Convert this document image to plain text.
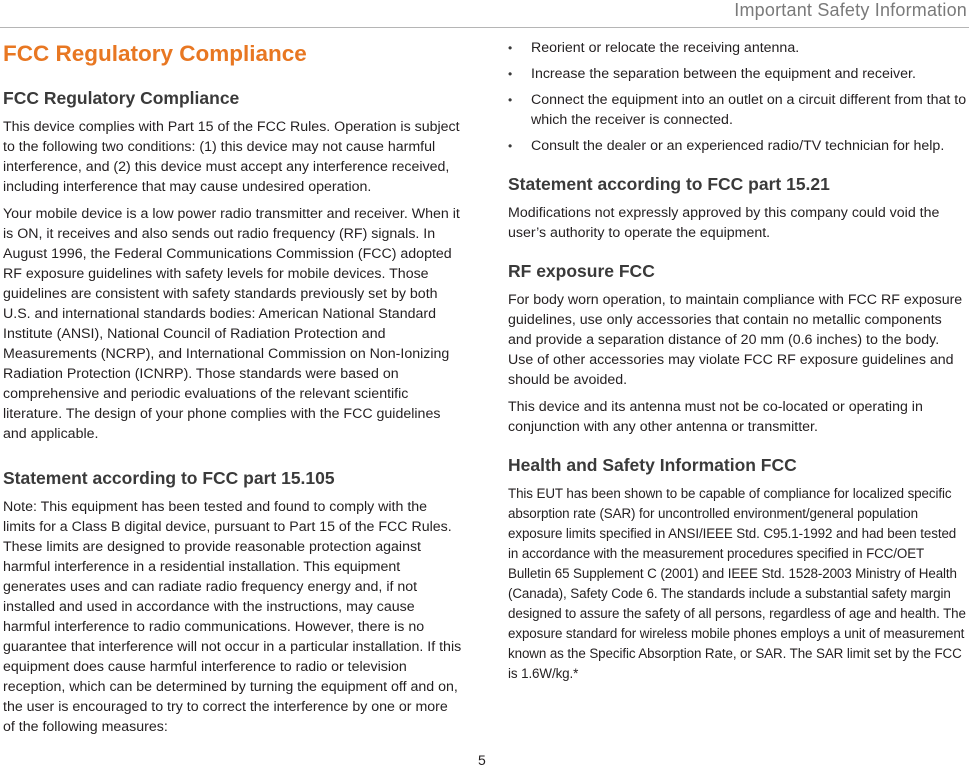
Important Safety Information
FCC Regulatory Compliance
FCC Regulatory Compliance

This device complies with Part 15 of the FCC Rules. Operation is subject to the following two conditions: (1) this device may not cause harmful interference, and (2) this device must accept any interference received, including interference that may cause undesired operation.

Your mobile device is a low power radio transmitter and receiver. When it is ON, it receives and also sends out radio frequency (RF) signals. In August 1996, the Federal Communications Commission (FCC) adopted RF exposure guidelines with safety levels for mobile devices. Those guidelines are consistent with safety standards previously set by both U.S. and international standards bodies: American National Standard Institute (ANSI), National Council of Radiation Protection and Measurements (NCRP), and International Commission on Non-Ionizing Radiation Protection (ICNRP). Those standards were based on comprehensive and periodic evaluations of the relevant scientific literature. The design of your phone complies with the FCC guidelines and applicable.

Statement according to FCC part 15.105

Note: This equipment has been tested and found to comply with the limits for a Class B digital device, pursuant to Part 15 of the FCC Rules. These limits are designed to provide reasonable protection against harmful interference in a residential installation. This equipment generates uses and can radiate radio frequency energy and, if not installed and used in accordance with the instructions, may cause harmful interference to radio communications. However, there is no guarantee that interference will not occur in a particular installation. If this equipment does cause harmful interference to radio or television reception, which can be determined by turning the equipment off and on, the user is encouraged to try to correct the interference by one or more of the following measures:

• Reorient or relocate the receiving antenna.
• Increase the separation between the equipment and receiver.
• Connect the equipment into an outlet on a circuit different from that to which the receiver is connected.
• Consult the dealer or an experienced radio/TV technician for help.
Statement according to FCC part 15.21

Modifications not expressly approved by this company could void the user’s authority to operate the equipment.

RF exposure FCC

For body worn operation, to maintain compliance with FCC RF exposure guidelines, use only accessories that contain no metallic components and provide a separation distance of 20 mm (0.6 inches) to the body. Use of other accessories may violate FCC RF exposure guidelines and should be avoided.

This device and its antenna must not be co-located or operating in conjunction with any other antenna or transmitter.

Health and Safety Information FCC

This EUT has been shown to be capable of compliance for localized specific absorption rate (SAR) for uncontrolled environment/general population exposure limits specified in ANSI/IEEE Std. C95.1-1992 and had been tested in accordance with the measurement procedures specified in FCC/OET Bulletin 65 Supplement C (2001) and IEEE Std. 1528-2003 Ministry of Health (Canada), Safety Code 6. The standards include a substantial safety margin designed to assure the safety of all persons, regardless of age and health. The exposure standard for wireless mobile phones employs a unit of measurement known as the Specific Absorption Rate, or SAR. The SAR limit set by the FCC is 1.6W/kg.*

5
